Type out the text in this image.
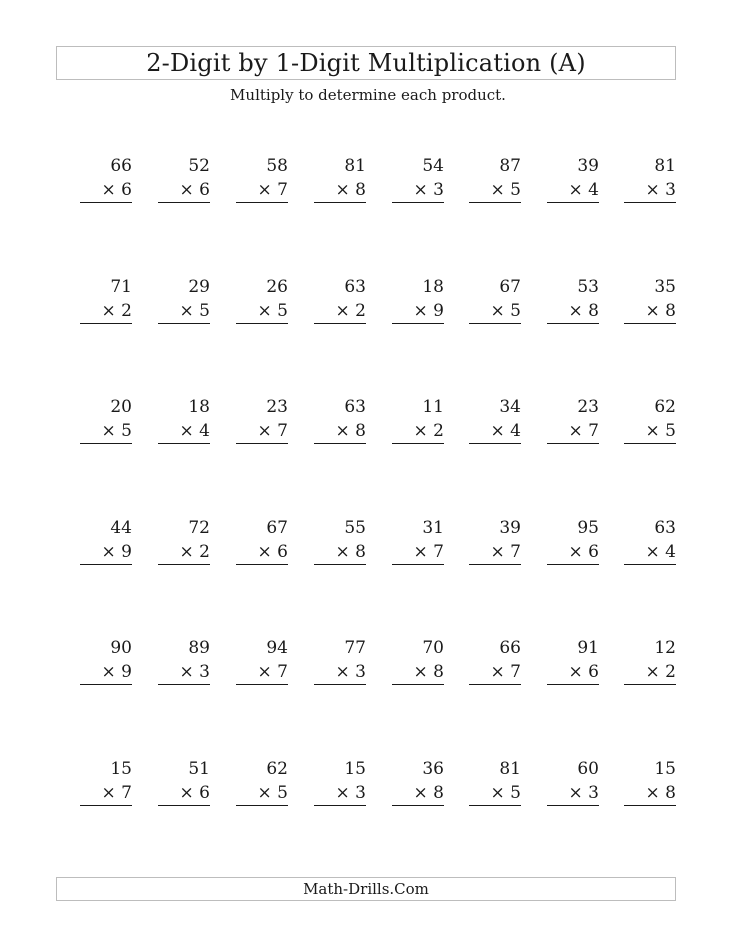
2-Digit by 1-Digit Multiplication (A)
Multiply to determine each product.
66
× 6
52
× 6
58
× 7
81
× 8
54
× 3
87
× 5
39
× 4
81
× 3
71
× 2
29
× 5
26
× 5
63
× 2
18
× 9
67
× 5
53
× 8
35
× 8
20
× 5
18
× 4
23
× 7
63
× 8
11
× 2
34
× 4
23
× 7
62
× 5
44
× 9
72
× 2
67
× 6
55
× 8
31
× 7
39
× 7
95
× 6
63
× 4
90
× 9
89
× 3
94
× 7
77
× 3
70
× 8
66
× 7
91
× 6
12
× 2
15
× 7
51
× 6
62
× 5
15
× 3
36
× 8
81
× 5
60
× 3
15
× 8
Math-Drills.Com
